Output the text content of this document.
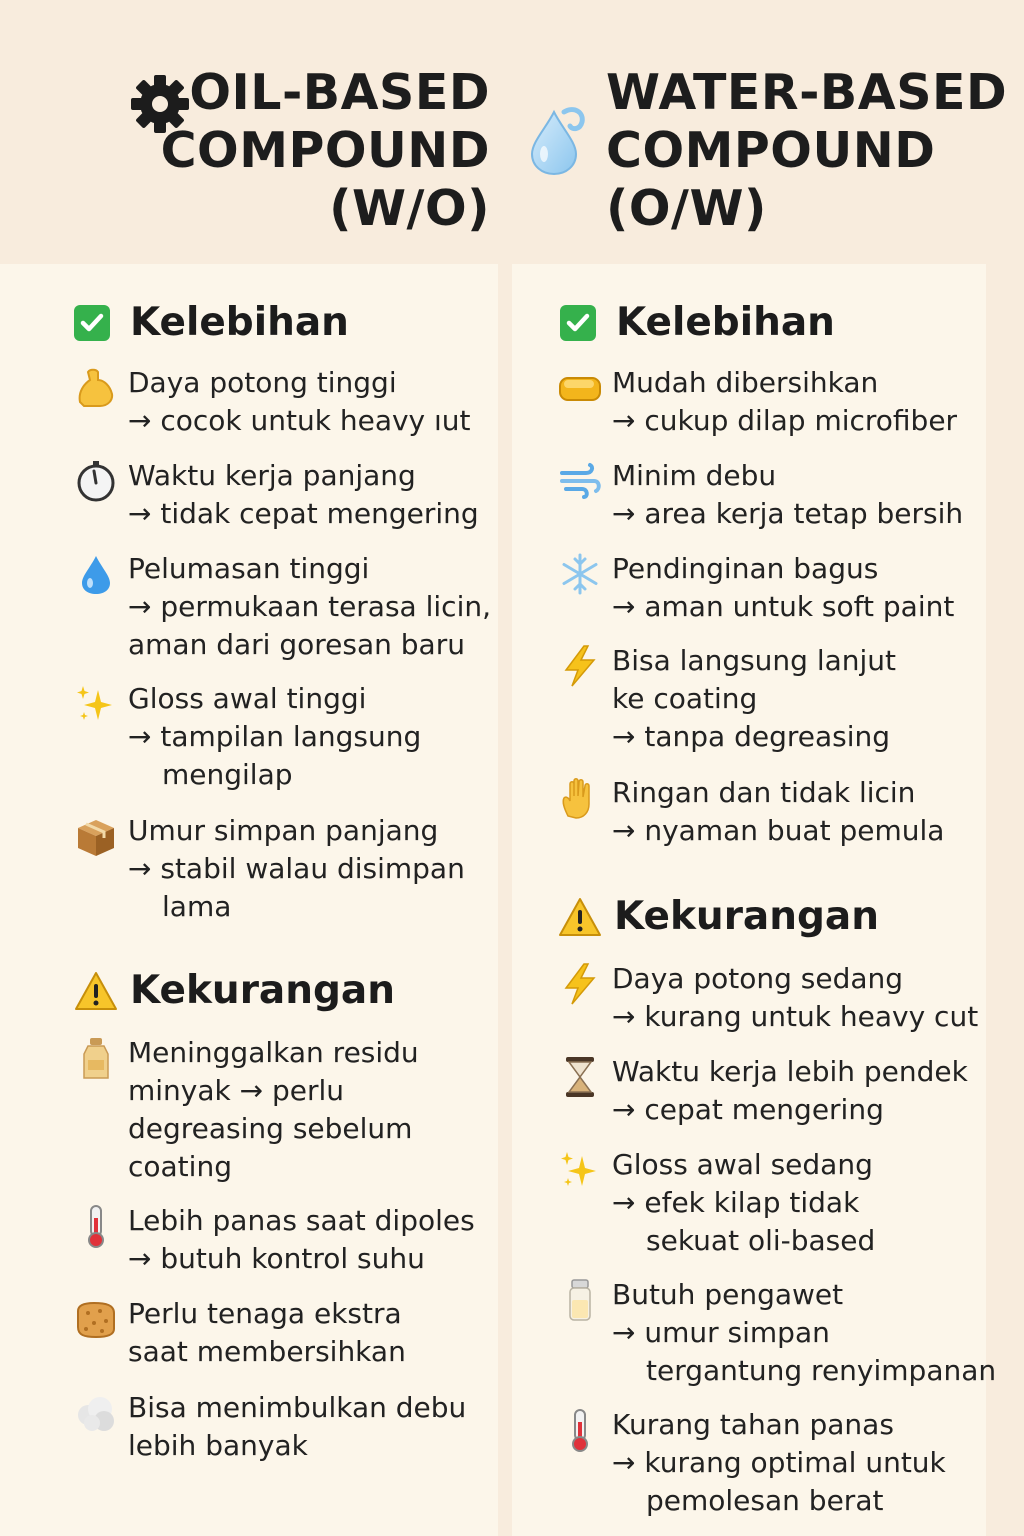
OIL-BASED
COMPOUND
(W/O)
WATER-BASED
COMPOUND
(O/W)
Kelebihan
Daya potong tinggi
→ cocok untuk heavy ıut
Waktu kerja panjang
→ tidak cepat mengering
Pelumasan tinggi
→ permukaan terasa licin,
aman dari goresan baru
Gloss awal tinggi
→ tampilan langsung
mengilap
Umur simpan panjang
→ stabil walau disimpan
lama
Kekurangan
Meninggalkan residu
minyak → perlu
degreasing sebelum
coating
Lebih panas saat dipoles
→ butuh kontrol suhu
Perlu tenaga ekstra
saat membersihkan
Bisa menimbulkan debu
lebih banyak
Kelebihan
Mudah dibersihkan
→ cukup dilap microfiber
Minim debu
→ area kerja tetap bersih
Pendinginan bagus
→ aman untuk soft paint
Bisa langsung lanjut
ke coating
→ tanpa degreasing
Ringan dan tidak licin
→ nyaman buat pemula
Kekurangan
Daya potong sedang
→ kurang untuk heavy cut
Waktu kerja lebih pendek
→ cepat mengering
Gloss awal sedang
→ efek kilap tidak
sekuat oli-based
Butuh pengawet
→ umur simpan
tergantung renyimpanan
Kurang tahan panas
→ kurang optimal untuk
pemolesan berat
